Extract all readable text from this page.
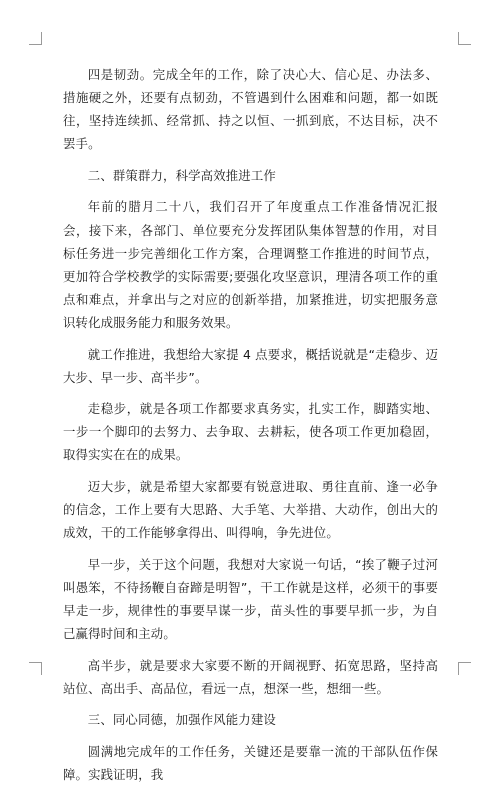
四是韧劲。完成全年的工作，除了决心大、信心足、办法多、措施硬之外，还要有点韧劲，不管遇到什么困难和问题，都一如既往，坚持连续抓、经常抓、持之以恒、一抓到底，不达目标，决不罢手。

二、群策群力，科学高效推进工作

年前的腊月二十八，我们召开了年度重点工作准备情况汇报会，接下来，各部门、单位要充分发挥团队集体智慧的作用，对目标任务进一步完善细化工作方案，合理调整工作推进的时间节点，更加符合学校教学的实际需要;要强化攻坚意识，理清各项工作的重点和难点，并拿出与之对应的创新举措，加紧推进，切实把服务意识转化成服务能力和服务效果。

就工作推进，我想给大家提 4 点要求，概括说就是“走稳步、迈大步、早一步、高半步”。

走稳步，就是各项工作都要求真务实，扎实工作，脚踏实地、一步一个脚印的去努力、去争取、去耕耘，使各项工作更加稳固，取得实实在在的成果。

迈大步，就是希望大家都要有锐意进取、勇往直前、逢一必争的信念，工作上要有大思路、大手笔、大举措、大动作，创出大的成效，干的工作能够拿得出、叫得响，争先进位。

早一步，关于这个问题，我想对大家说一句话，“挨了鞭子过河叫愚笨，不待扬鞭自奋蹄是明智”，干工作就是这样，必须干的事要早走一步，规律性的事要早谋一步，苗头性的事要早抓一步，为自己赢得时间和主动。

高半步，就是要求大家要不断的开阔视野、拓宽思路，坚持高站位、高出手、高品位，看远一点，想深一些，想细一些。

三、同心同德，加强作风能力建设

圆满地完成年的工作任务，关键还是要靠一流的干部队伍作保障。实践证明，我
